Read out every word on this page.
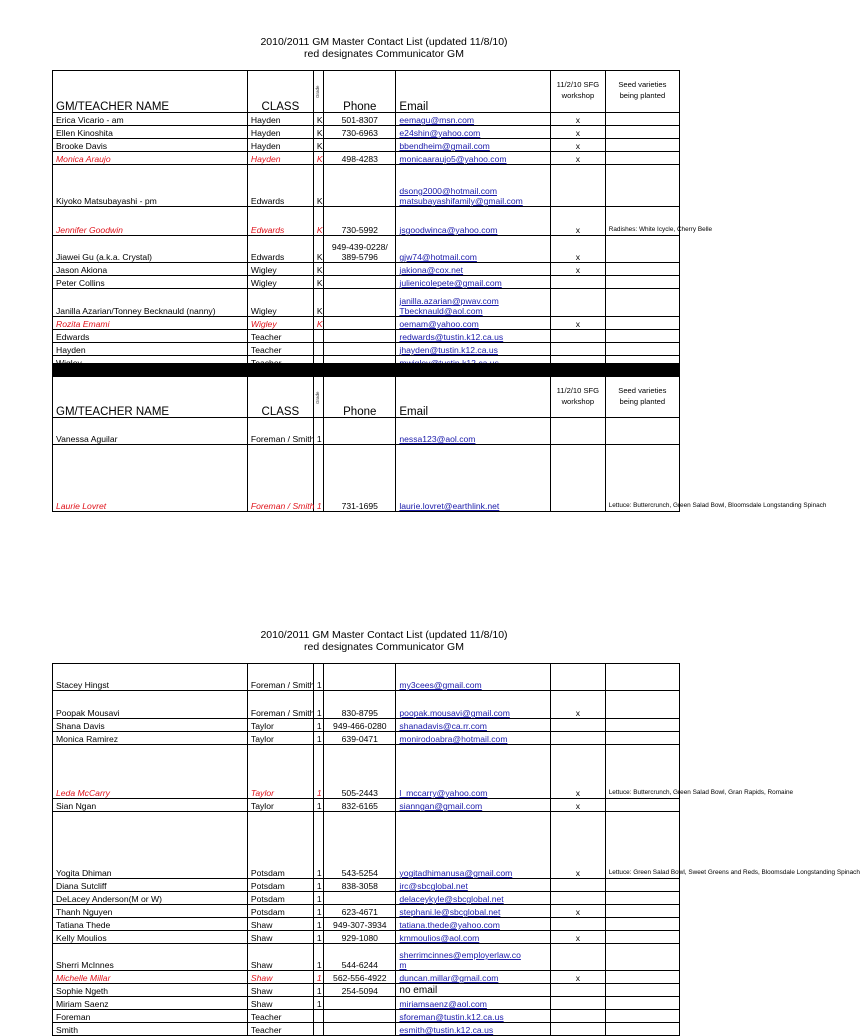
2010/2011 GM Master Contact List (updated 11/8/10)
red designates Communicator GM
GM/TEACHER NAME	CLASS	Grade	Phone	Email	11/2/10 SFG workshop	Seed varieties being planted
Erica Vicario - am	Hayden	K	501-8307	eemagu@msn.com	x	
Ellen Kinoshita	Hayden	K	730-6963	e24shin@yahoo.com	x	
Brooke Davis	Hayden	K		bbendheim@gmail.com	x	
Monica Araujo	Hayden	K	498-4283	monicaaraujo5@yahoo.com	x	
Kiyoko Matsubayashi - pm	Edwards	K		dsong2000@hotmail.com
matsubayashifamily@gmail.com		
Jennifer Goodwin	Edwards	K	730-5992	jsgoodwinca@yahoo.com	x	Radishes: White Icycle, Cherry Belle
Jiawei Gu (a.k.a. Crystal)	Edwards	K	949-439-0228/
389-5796	gjw74@hotmail.com	x	
Jason Akiona	Wigley	K		jakiona@cox.net	x	
Peter Collins	Wigley	K		julienicolepete@gmail.com		
Janilla Azarian/Tonney Becknauld (nanny)	Wigley	K		janilla.azarian@pwav.com
Tbecknauld@aol.com		
Rozita Emami	Wigley	K		oemam@yahoo.com	x	
Edwards	Teacher			redwards@tustin.k12.ca.us		
Hayden	Teacher			jhayden@tustin.k12.ca.us		

GM/TEACHER NAME	CLASS	Grade	Phone	Email	11/2/10 SFG workshop	Seed varieties being planted
Vanessa Aguilar	Foreman / Smith	1		nessa123@aol.com		
Laurie Lovret	Foreman / Smith	1	731-1695	laurie.lovret@earthlink.net		Lettuce: Buttercrunch, Green Salad Bowl, Bloomsdale Longstanding Spinach
2010/2011 GM Master Contact List (updated 11/8/10)
red designates Communicator GM
Stacey Hingst	Foreman / Smith	1		my3cees@gmail.com		
Poopak Mousavi	Foreman / Smith	1	830-8795	poopak.mousavi@gmail.com	x	
Shana Davis	Taylor	1	949-466-0280	shanadavis@ca.rr.com		
Monica Ramirez	Taylor	1	639-0471	monirodoabra@hotmail.com		
Leda McCarry	Taylor	1	505-2443	l_mccarry@yahoo.com	x	Lettuce: Buttercrunch, Green Salad Bowl, Gran Rapids, Romaine
Sian Ngan	Taylor	1	832-6165	sianngan@gmail.com	x	
Yogita Dhiman	Potsdam	1	543-5254	yogitadhimanusa@gmail.com	x	Lettuce: Green Salad Bowl, Sweet Greens and Reds, Bloomsdale Longstanding Spinach
Diana Sutcliff	Potsdam	1	838-3058	irc@sbcglobal.net		
DeLacey Anderson(M or W)	Potsdam	1		delaceykyle@sbcglobal.net		
Thanh Nguyen	Potsdam	1	623-4671	stephani.le@sbcglobal.net	x	
Tatiana Thede	Shaw	1	949-307-3934	tatiana.thede@yahoo.com		
Kelly Moulios	Shaw	1	929-1080	kmmoulios@aol.com	x	
Sherri McInnes	Shaw	1	544-6244	sherrimcinnes@employerlaw.co
m		
Michelle Millar	Shaw	1	562-556-4922	duncan.millar@gmail.com	x	
Sophie Ngeth	Shaw	1	254-5094	no email		
Miriam Saenz	Shaw	1		miriamsaenz@aol.com		
Foreman	Teacher			sforeman@tustin.k12.ca.us		
Smith	Teacher			esmith@tustin.k12.ca.us		
